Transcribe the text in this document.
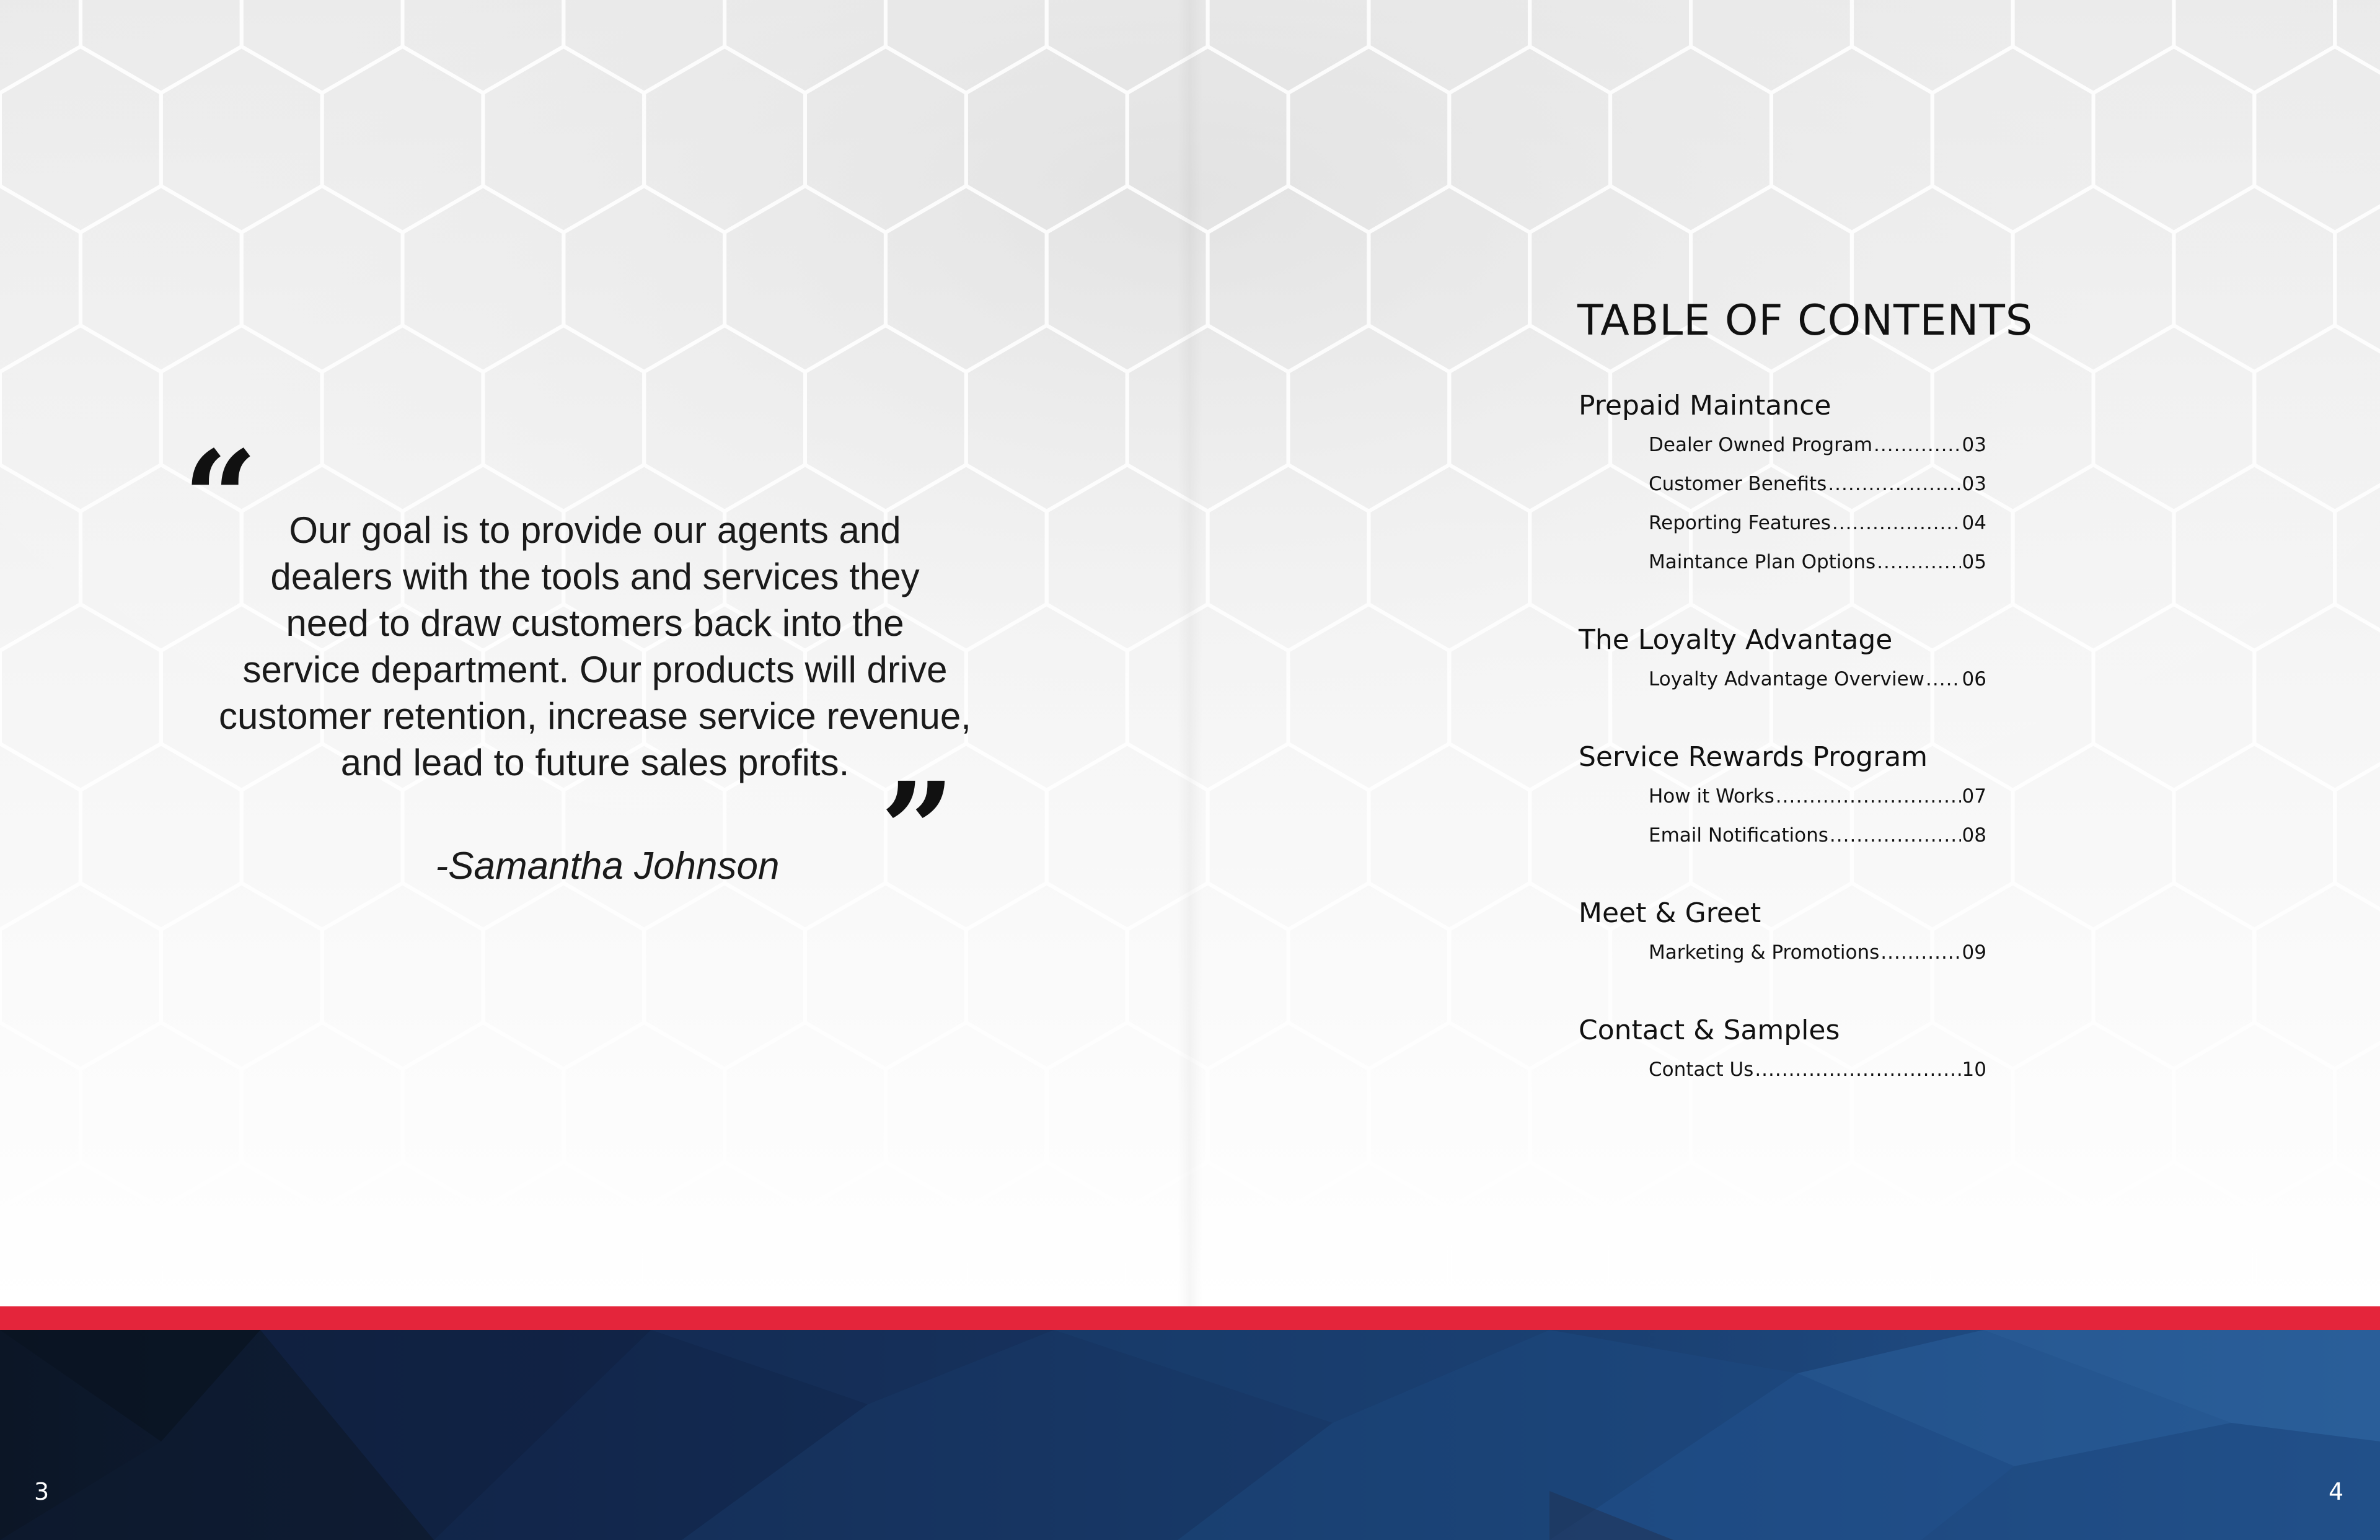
“ Our goal is to provide our agents and
dealers with the tools and services they
need to draw customers back into the
service department. Our products will drive
customer retention, increase service revenue,
and lead to future sales profits. ”
-Samantha Johnson
TABLE OF CONTENTS
Prepaid Maintance
Dealer Owned Program .....	03
Customer Benefits .....	03
Reporting Features .....	04
Maintance Plan Options .....	05
The Loyalty Advantage
Loyalty Advantage Overview ..... 06
Service Rewards Program
How it Works .....	07
Email Notifications .....	08
Meet & Greet
Marketing & Promotions .....	09
Contact & Samples
Contact Us .....	10
3	4
